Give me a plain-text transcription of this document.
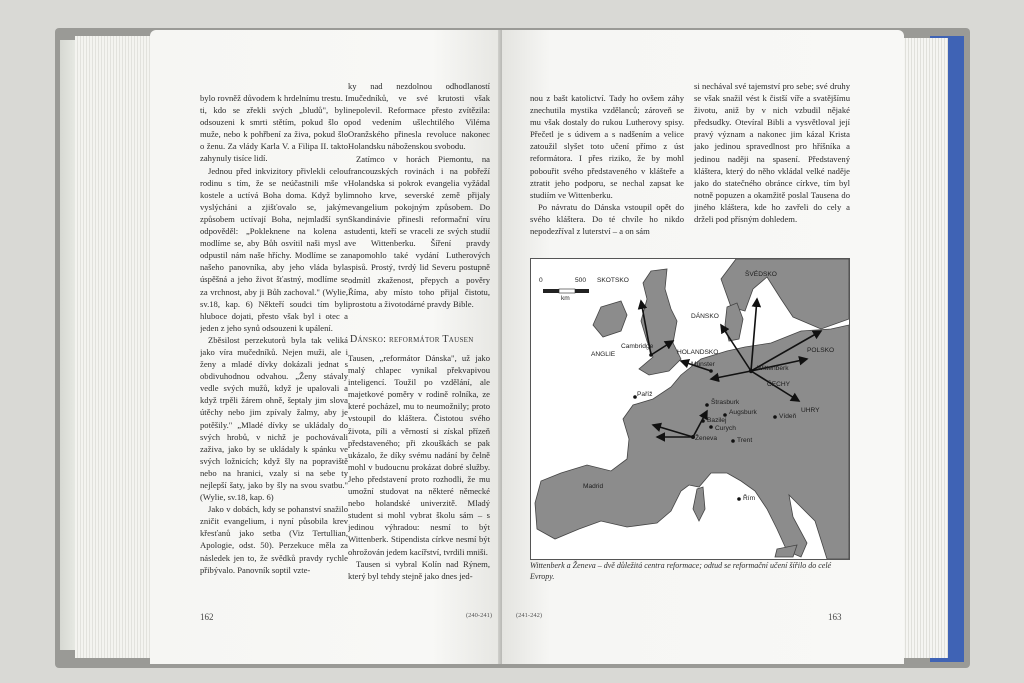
bylo rovněž důvodem k hrdelnímu trestu. I ti, kdo se zřekli svých „bludů", byli odsouzeni k smrti stětím, pokud šlo o muže, nebo k pohřbení za živa, pokud šlo o ženu. Za vlády Karla V. a Filipa II. takto zahynuly tisíce lidí.

Jednou před inkvizitory přivlekli celou rodinu s tím, že se neúčastnili mše v kostele a uctívá Boha doma. Když byli vyslýcháni a zjišťovalo se, jakým způsobem uctívají Boha, nejmladší syn odpověděl: „Pokleknene na kolena a modlíme se, aby Bůh osvítil naši mysl a odpustil nám naše hříchy. Modlíme se za našeho panovníka, aby jeho vláda byla úspěšná a jeho život šťastný, modlíme se za vrchnost, aby ji Bůh zachoval." (Wylie, sv.18, kap. 6) Někteří soudci tím byli hluboce dojati, přesto však byl i otec a jeden z jeho synů odsouzeni k upálení.

Zběsilost perzekutorů byla tak veliká jako víra mučedníků. Nejen muži, ale i ženy a mladé dívky dokázali jednat s obdivuhodnou odvahou. „Ženy stávaly vedle svých mužů, když je upalovali a když trpěli žárem ohně, šeptaly jim slova útěchy nebo jim zpívaly žalmy, aby je potěšily." „Mladé dívky se ukládaly do svých hrobů, v nichž je pochovávali zaživa, jako by se ukládaly k spánku ve svých ložnicích; když šly na popraviště nebo na hranici, vzaly si na sebe ty nejlepší šaty, jako by šly na svou svatbu." (Wylie, sv.18, kap. 6)

Jako v dobách, kdy se pohanství snažilo zničit evangelium, i nyní působila krev křesťanů jako setba (Viz Tertullian, Apologie, odst. 50). Perzekuce měla za následek jen to, že svědků pravdy rychle přibývalo. Panovník soptil vzte-

ky nad nezdolnou odhodlaností mučedníků, ve své krutosti však nepolevil. Reformace přesto zvítězila: pod vedením ušlechtilého Viléma Oranžského přinesla revoluce nakonec Holandsku náboženskou svobodu.

Zatímco v horách Piemontu, na francouzských rovinách i na pobřeží Holandska si pokrok evangelia vyžádal mnoho krve, severské země přijaly evangelium pokojným způsobem. Do Skandinávie přinesli reformační víru studenti, kteří se vraceli ze svých studií ve Wittenberku. Šíření pravdy napomohlo také vydání Lutherových spisů. Prostý, tvrdý lid Severu postupně odmítl zkaženost, přepych a pověry Říma, aby místo toho přijal čistotu, prostotu a životodárné pravdy Bible.

Dánsko: reformátor Tausen

Tausen, „reformátor Dánska", už jako malý chlapec vynikal překvapivou inteligencí. Toužil po vzdělání, ale majetkové poměry v rodině rolníka, ze které pocházel, mu to neumožnily; proto vstoupil do kláštera. Čistotou svého života, píli a věrností si získal přízeň představeného; při zkouškách se pak ukázalo, že díky svému nadání by čelně mohl v budoucnu prokázat dobré služby. Jeho představení proto rozhodli, že mu umožní studovat na některé německé nebo holandské univerzitě. Mladý student si mohl vybrat školu sám – s jedinou výhradou: nesmí to být Wittenberk. Stipendista církve nesmí být ohrožován jedem kacířství, tvrdili mniši.

Tausen si vybral Kolín nad Rýnem, který byl tehdy stejně jako dnes jed-

162	(240-241)

nou z bašt katolictví. Tady ho ovšem záhy znechutila mystika vzdělanců; zároveň se mu však dostaly do rukou Lutherovy spisy. Přečetl je s údivem a s nadšením a velice zatoužil slyšet toto učení přímo z úst reformátora. I přes riziko, že by mohl pobouřit svého představeného v klášteře a ztratit jeho podporu, se nechal zapsat ke studiím ve Wittenberku.

Po návratu do Dánska vstoupil opět do svého kláštera. Do té chvíle ho nikdo nepodezříval z luterství – a on sám

si nechával své tajemství pro sebe; své druhy se však snažil vést k čistší víře a svatějšímu životu, aniž by v nich vzbudil nějaké předsudky. Otevíral Bibli a vysvětloval její pravý význam a nakonec jim kázal Krista jako jedinou spravedlnost pro hříšníka a jedinou naději na spasení. Představený kláštera, který do něho vkládal velké naděje jako do statečného obránce církve, tím byl notně popuzen a okamžitě poslal Tausena do jiného kláštera, kde ho zavřeli do cely a drželi pod přísným dohledem.

0	500
km
SKOTSKO
ŠVÉDSKO
DÁNSKO
ANGLIE
Cambridge
HOLANDSKO
Münster
Wittenberk
POLSKO
ČECHY
Paříž
Štrasburk
Augsburk
Bazilej
Curych
Ženeva
Vídeň
UHRY
Trent
Madrid
Řím
Wittenberk a Ženeva – dvě důležitá centra reformace; odtud se reformační učení šířilo do celé Evropy.
(241-242)	163
